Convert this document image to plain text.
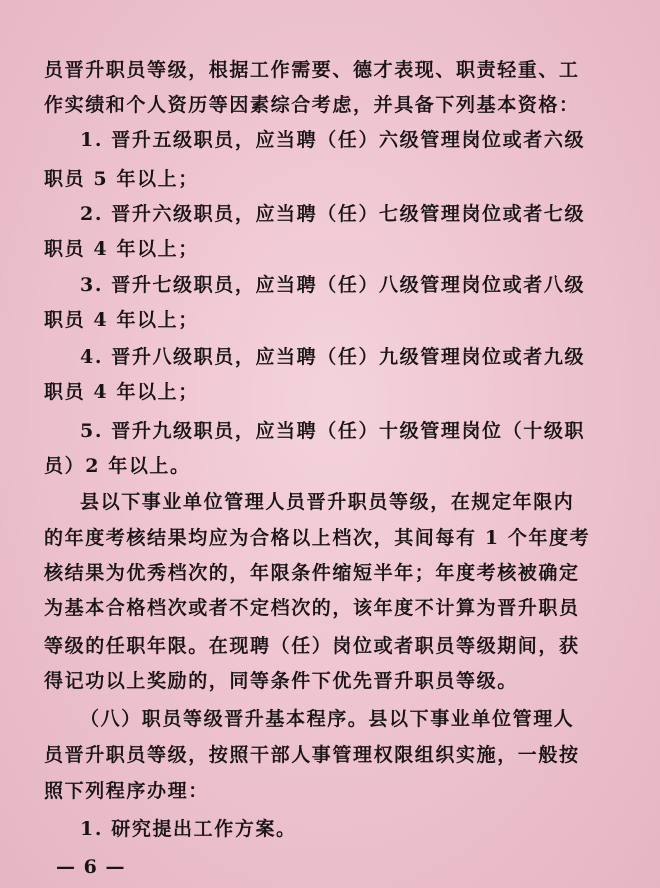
员晋升职员等级，根据工作需要、德才表现、职责轻重、工
作实绩和个人资历等因素综合考虑，并具备下列基本资格：
1. 晋升五级职员，应当聘（任）六级管理岗位或者六级
职员 5 年以上；
2. 晋升六级职员，应当聘（任）七级管理岗位或者七级
职员 4 年以上；
3. 晋升七级职员，应当聘（任）八级管理岗位或者八级
职员 4 年以上；
4. 晋升八级职员，应当聘（任）九级管理岗位或者九级
职员 4 年以上；
5. 晋升九级职员，应当聘（任）十级管理岗位（十级职
员）2 年以上。
县以下事业单位管理人员晋升职员等级，在规定年限内
的年度考核结果均应为合格以上档次，其间每有 1 个年度考
核结果为优秀档次的，年限条件缩短半年；年度考核被确定
为基本合格档次或者不定档次的，该年度不计算为晋升职员
等级的任职年限。在现聘（任）岗位或者职员等级期间，获
得记功以上奖励的，同等条件下优先晋升职员等级。
（八）职员等级晋升基本程序。县以下事业单位管理人
员晋升职员等级，按照干部人事管理权限组织实施，一般按
照下列程序办理：
1. 研究提出工作方案。
— 6 —
